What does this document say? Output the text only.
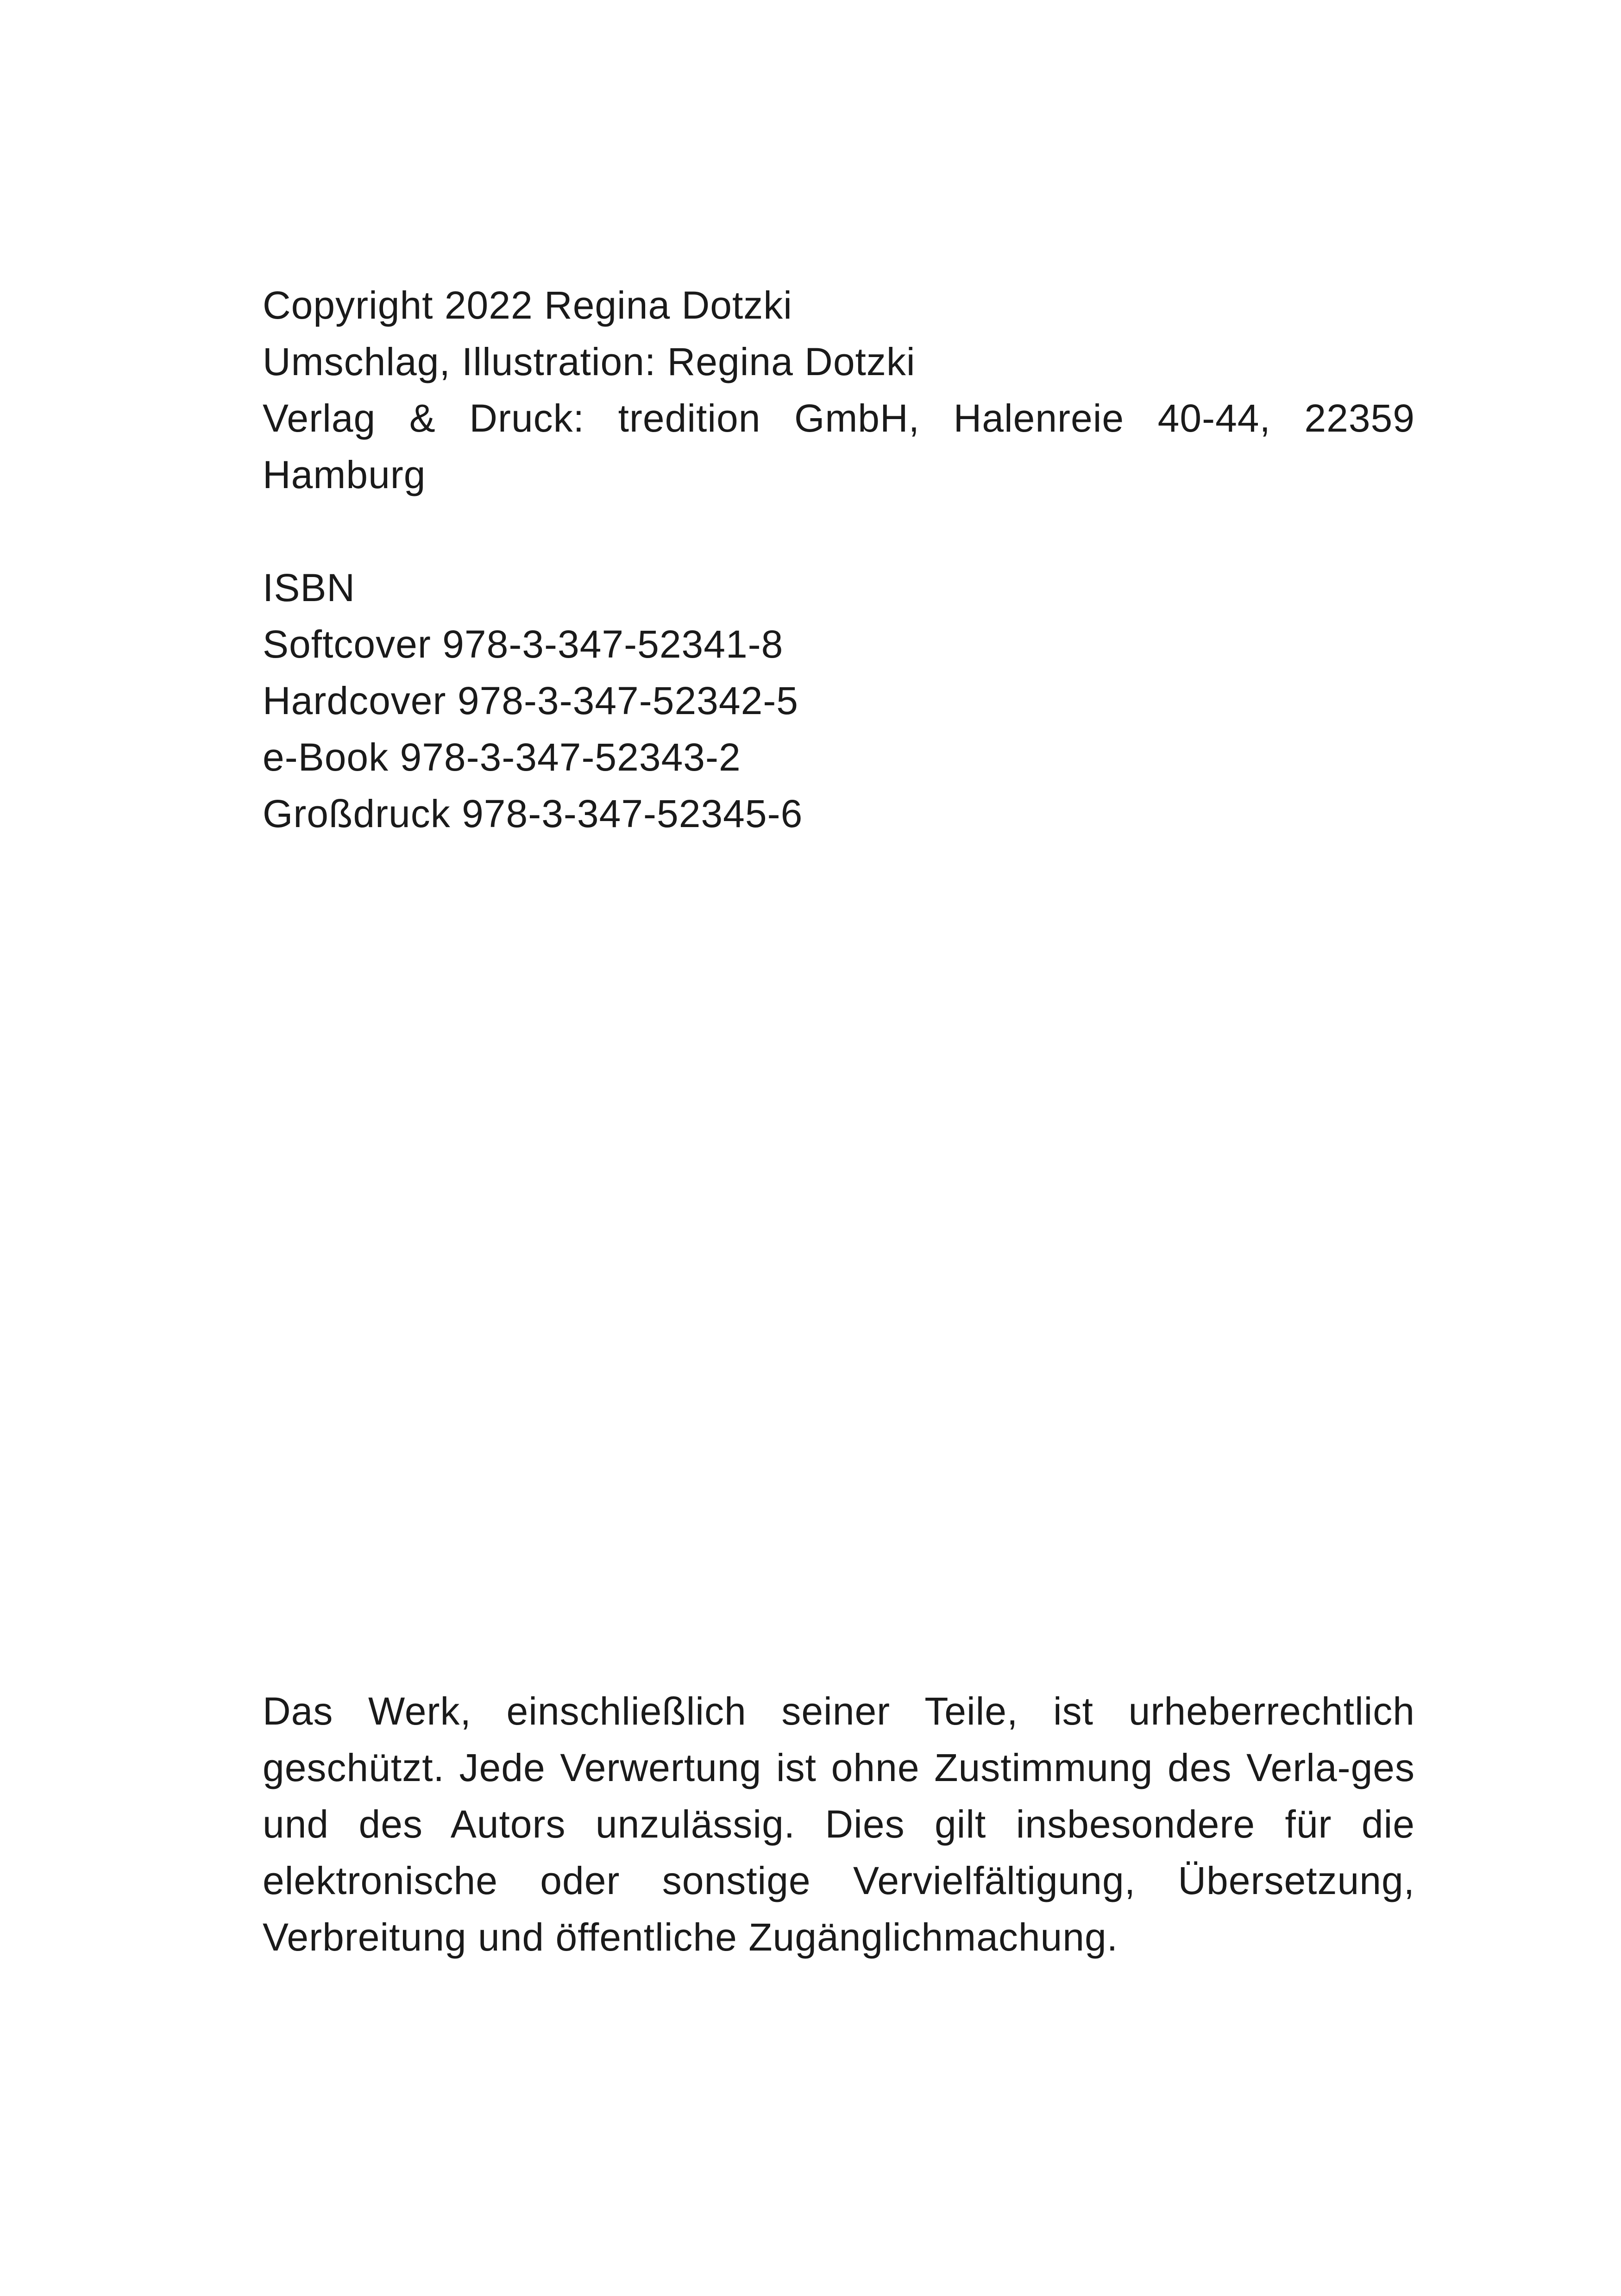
Copyright 2022 Regina Dotzki
Umschlag, Illustration: Regina Dotzki
Verlag & Druck: tredition GmbH, Halenreie 40-44, 22359
Hamburg
ISBN
Softcover 978-3-347-52341-8
Hardcover 978-3-347-52342-5
e-Book 978-3-347-52343-2
Großdruck 978-3-347-52345-6
Das Werk, einschließlich seiner Teile, ist urheberrechtlich geschützt. Jede Verwertung ist ohne Zustimmung des Verla-ges und des Autors unzulässig. Dies gilt insbesondere für die elektronische oder sonstige Vervielfältigung, Übersetzung, Verbreitung und öffentliche Zugänglichmachung.
